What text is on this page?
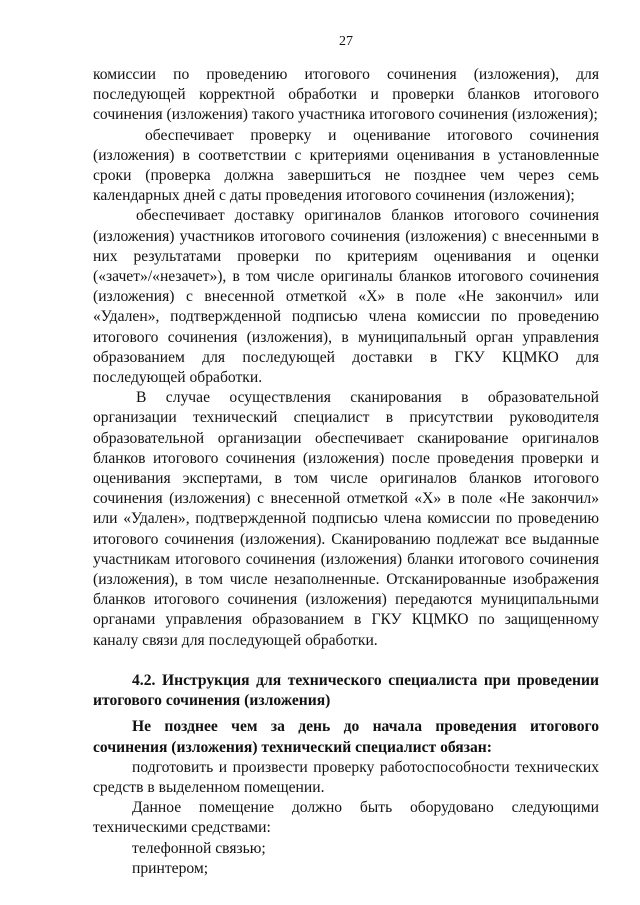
27

комиссии по проведению итогового сочинения (изложения), для последующей корректной обработки и проверки бланков итогового сочинения (изложения) такого участника итогового сочинения (изложения);

обеспечивает проверку и оценивание итогового сочинения (изложения) в соответствии с критериями оценивания в установленные сроки (проверка должна завершиться не позднее чем через семь календарных дней с даты проведения итогового сочинения (изложения);

обеспечивает доставку оригиналов бланков итогового сочинения (изложения) участников итогового сочинения (изложения) с внесенными в них результатами проверки по критериям оценивания и оценки («зачет»/«незачет»), в том числе оригиналы бланков итогового сочинения (изложения) с внесенной отметкой «Х» в поле «Не закончил» или «Удален», подтвержденной подписью члена комиссии по проведению итогового сочинения (изложения), в муниципальный орган управления образованием для последующей доставки в ГКУ КЦМКО для последующей обработки.

В случае осуществления сканирования в образовательной организации технический специалист в присутствии руководителя образовательной организации обеспечивает сканирование оригиналов бланков итогового сочинения (изложения) после проведения проверки и оценивания экспертами, в том числе оригиналов бланков итогового сочинения (изложения) с внесенной отметкой «Х» в поле «Не закончил» или «Удален», подтвержденной подписью члена комиссии по проведению итогового сочинения (изложения). Сканированию подлежат все выданные участникам итогового сочинения (изложения) бланки итогового сочинения (изложения), в том числе незаполненные. Отсканированные изображения бланков итогового сочинения (изложения) передаются муниципальными органами управления образованием в ГКУ КЦМКО по защищенному каналу связи для последующей обработки.

4.2. Инструкция для технического специалиста при проведении итогового сочинения (изложения)

Не позднее чем за день до начала проведения итогового сочинения (изложения) технический специалист обязан:

подготовить и произвести проверку работоспособности технических средств в выделенном помещении.

Данное помещение должно быть оборудовано следующими техническими средствами:

телефонной связью;

принтером;
